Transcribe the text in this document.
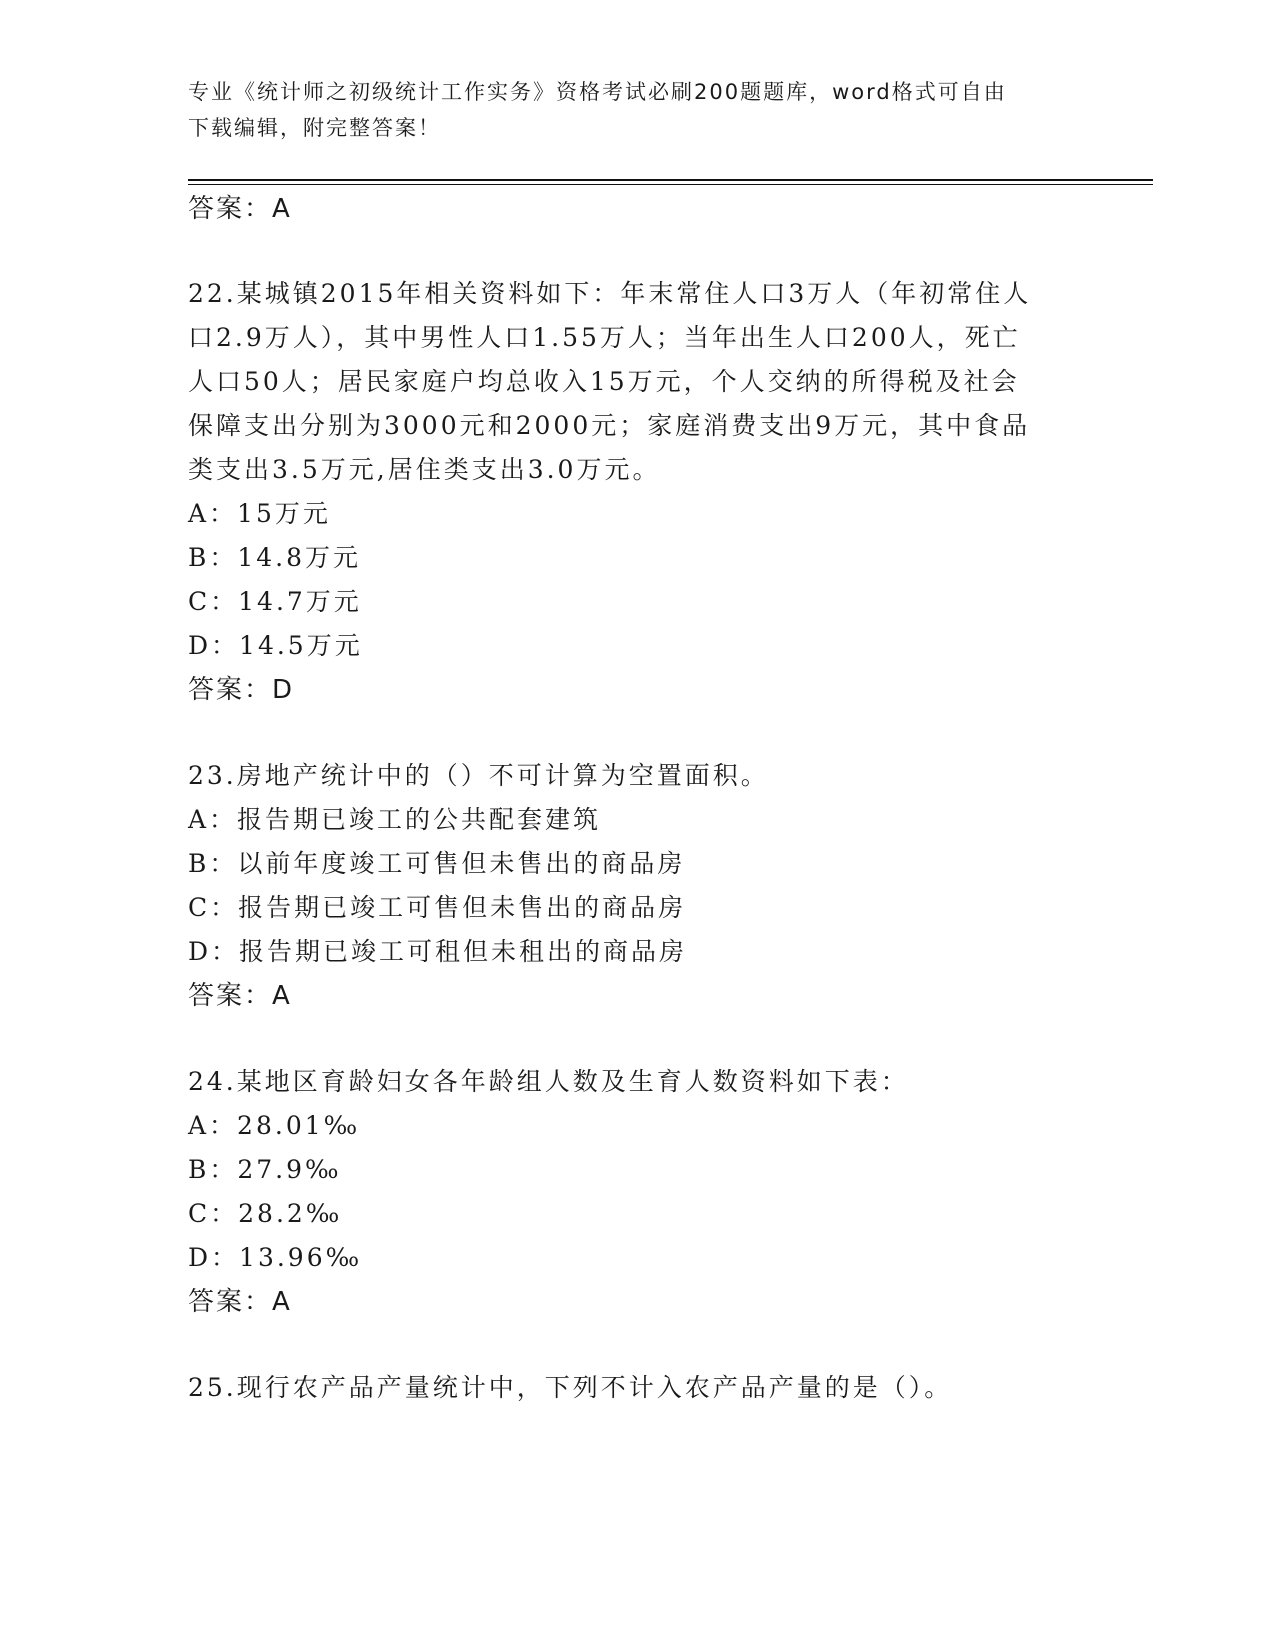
专业《统计师之初级统计工作实务》资格考试必刷200题题库，word格式可自由
下载编辑，附完整答案！
答案：A
22.某城镇2015年相关资料如下：年末常住人口3万人（年初常住人
口2.9万人），其中男性人口1.55万人；当年出生人口200人，死亡
人口50人；居民家庭户均总收入15万元，个人交纳的所得税及社会
保障支出分别为3000元和2000元；家庭消费支出9万元，其中食品
类支出3.5万元,居住类支出3.0万元。
A：15万元
B：14.8万元
C：14.7万元
D：14.5万元
答案：D
23.房地产统计中的（）不可计算为空置面积。
A：报告期已竣工的公共配套建筑
B：以前年度竣工可售但未售出的商品房
C：报告期已竣工可售但未售出的商品房
D：报告期已竣工可租但未租出的商品房
答案：A
24.某地区育龄妇女各年龄组人数及生育人数资料如下表：
A：28.01‰
B：27.9‰
C：28.2‰
D：13.96‰
答案：A
25.现行农产品产量统计中，下列不计入农产品产量的是（）。
